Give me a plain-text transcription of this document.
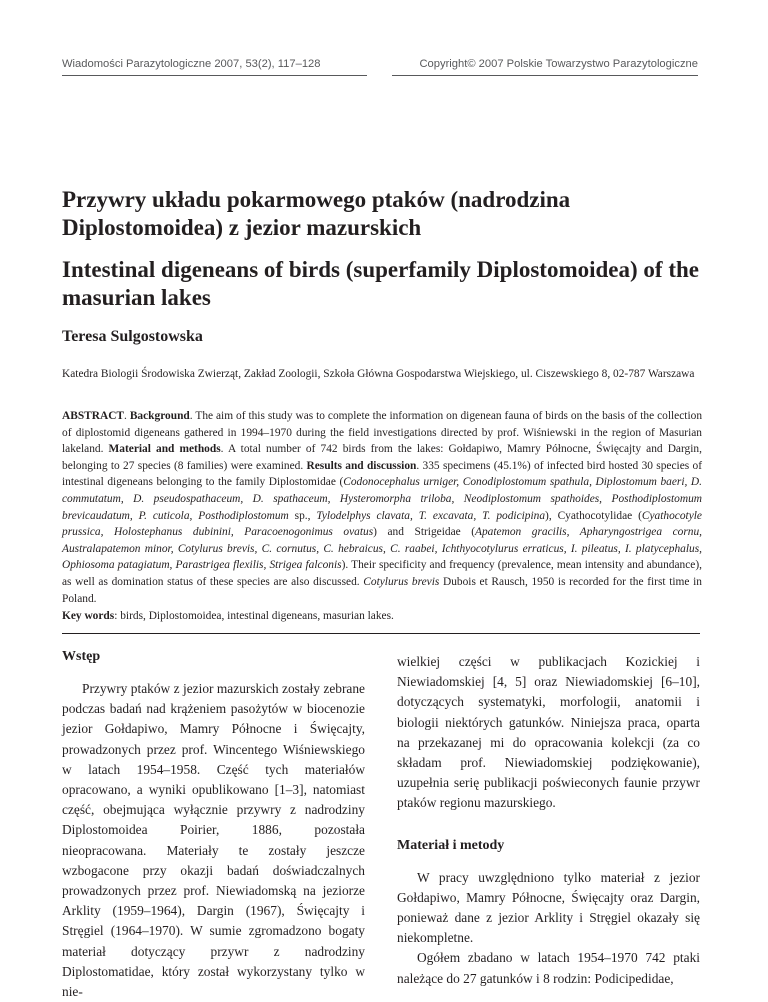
Wiadomości Parazytologiczne 2007, 53(2), 117–128	Copyright© 2007 Polskie Towarzystwo Parazytologiczne
Przywry układu pokarmowego ptaków (nadrodzina Diplostomoidea) z jezior mazurskich
Intestinal digeneans of birds (superfamily Diplostomoidea) of the masurian lakes

Teresa Sulgostowska

Katedra Biologii Środowiska Zwierząt, Zakład Zoologii, Szkoła Główna Gospodarstwa Wiejskiego, ul. Ciszewskiego 8, 02-787 Warszawa

ABSTRACT. Background. The aim of this study was to complete the information on digenean fauna of birds on the basis of the collection of diplostomid digeneans gathered in 1994–1970 during the field investigations directed by prof. Wiśniewski in the region of Masurian lakeland. Material and methods. A total number of 742 birds from the lakes: Gołdapiwo, Mamry Północne, Święcajty and Dargin, belonging to 27 species (8 families) were examined. Results and discussion. 335 specimens (45.1%) of infected bird hosted 30 species of intestinal digeneans belonging to the family Diplostomidae (Codonocephalus urniger, Conodiplostomum spathula, Diplostomum baeri, D. commutatum, D. pseudospathaceum, D. spathaceum, Hysteromorpha triloba, Neodiplostomum spathoides, Posthodiplostomum brevicaudatum, P. cuticola, Posthodiplostomum sp., Tylodelphys clavata, T. excavata, T. podicipina), Cyathocotylidae (Cyathocotyle prussica, Holostephanus dubinini, Paracoenogonimus ovatus) and Strigeidae (Apatemon gracilis, Apharyngostrigea cornu, Australapatemon minor, Cotylurus brevis, C. cornutus, C. hebraicus, C. raabei, Ichthyocotylurus erraticus, I. pileatus, I. platycephalus, Ophiosoma patagiatum, Parastrigea flexilis, Strigea falconis). Their specificity and frequency (prevalence, mean intensity and abundance), as well as domination status of these species are also discussed. Cotylurus brevis Dubois et Rausch, 1950 is recorded for the first time in Poland.

Key words: birds, Diplostomoidea, intestinal digeneans, masurian lakes.

Wstęp

Przywry ptaków z jezior mazurskich zostały zebrane podczas badań nad krążeniem pasożytów w biocenozie jezior Gołdapiwo, Mamry Północne i Święcajty, prowadzonych przez prof. Wincentego Wiśniewskiego w latach 1954–1958. Część tych materiałów opracowano, a wyniki opublikowano [1–3], natomiast część, obejmująca wyłącznie przywry z nadrodziny Diplostomoidea Poirier, 1886, pozostała nieopracowana. Materiały te zostały jeszcze wzbogacone przy okazji badań doświadczalnych prowadzonych przez prof. Niewiadomską na jeziorze Arklity (1959–1964), Dargin (1967), Święcajty i Stręgiel (1964–1970). W sumie zgromadzono bogaty materiał dotyczący przywr z nadrodziny Diplostomatidae, który został wykorzystany tylko w nie-

wielkiej części w publikacjach Kozickiej i Niewiadomskiej [4, 5] oraz Niewiadomskiej [6–10], dotyczących systematyki, morfologii, anatomii i biologii niektórych gatunków. Niniejsza praca, oparta na przekazanej mi do opracowania kolekcji (za co składam prof. Niewiadomskiej podziękowanie), uzupełnia serię publikacji poświeconych faunie przywr ptaków regionu mazurskiego.

Materiał i metody

W pracy uwzględniono tylko materiał z jezior Gołdapiwo, Mamry Północne, Święcajty oraz Dargin, ponieważ dane z jezior Arklity i Stręgiel okazały się niekompletne.

Ogółem zbadano w latach 1954–1970 742 ptaki należące do 27 gatunków i 8 rodzin: Podicipedidae,
